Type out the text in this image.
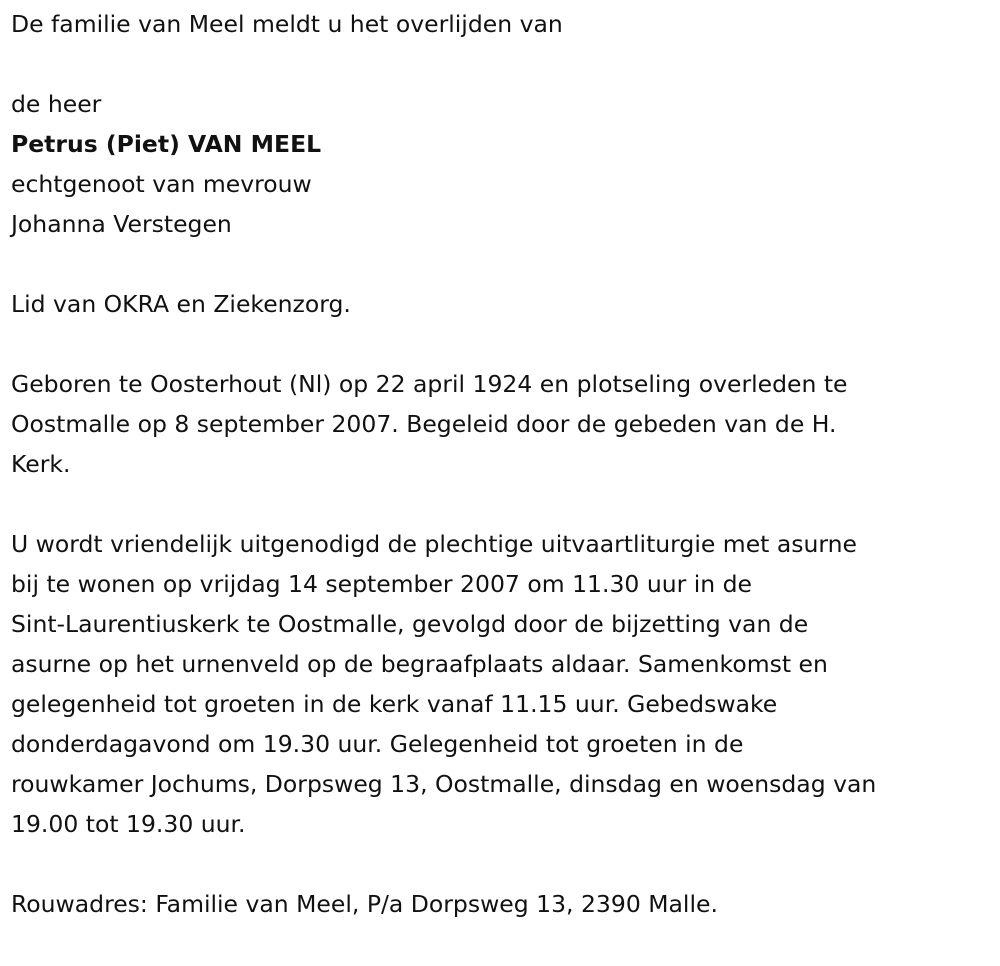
De familie van Meel meldt u het overlijden van

de heer

Petrus (Piet) VAN MEEL

echtgenoot van mevrouw

Johanna Verstegen

Lid van OKRA en Ziekenzorg.

Geboren te Oosterhout (Nl) op 22 april 1924 en plotseling overleden te

Oostmalle op 8 september 2007. Begeleid door de gebeden van de H.

Kerk.

U wordt vriendelijk uitgenodigd de plechtige uitvaartliturgie met asurne

bij te wonen op vrijdag 14 september 2007 om 11.30 uur in de

Sint-Laurentiuskerk te Oostmalle, gevolgd door de bijzetting van de

asurne op het urnenveld op de begraafplaats aldaar. Samenkomst en

gelegenheid tot groeten in de kerk vanaf 11.15 uur. Gebedswake

donderdagavond om 19.30 uur. Gelegenheid tot groeten in de

rouwkamer Jochums, Dorpsweg 13, Oostmalle, dinsdag en woensdag van

19.00 tot 19.30 uur.

Rouwadres: Familie van Meel, P/a Dorpsweg 13, 2390 Malle.
